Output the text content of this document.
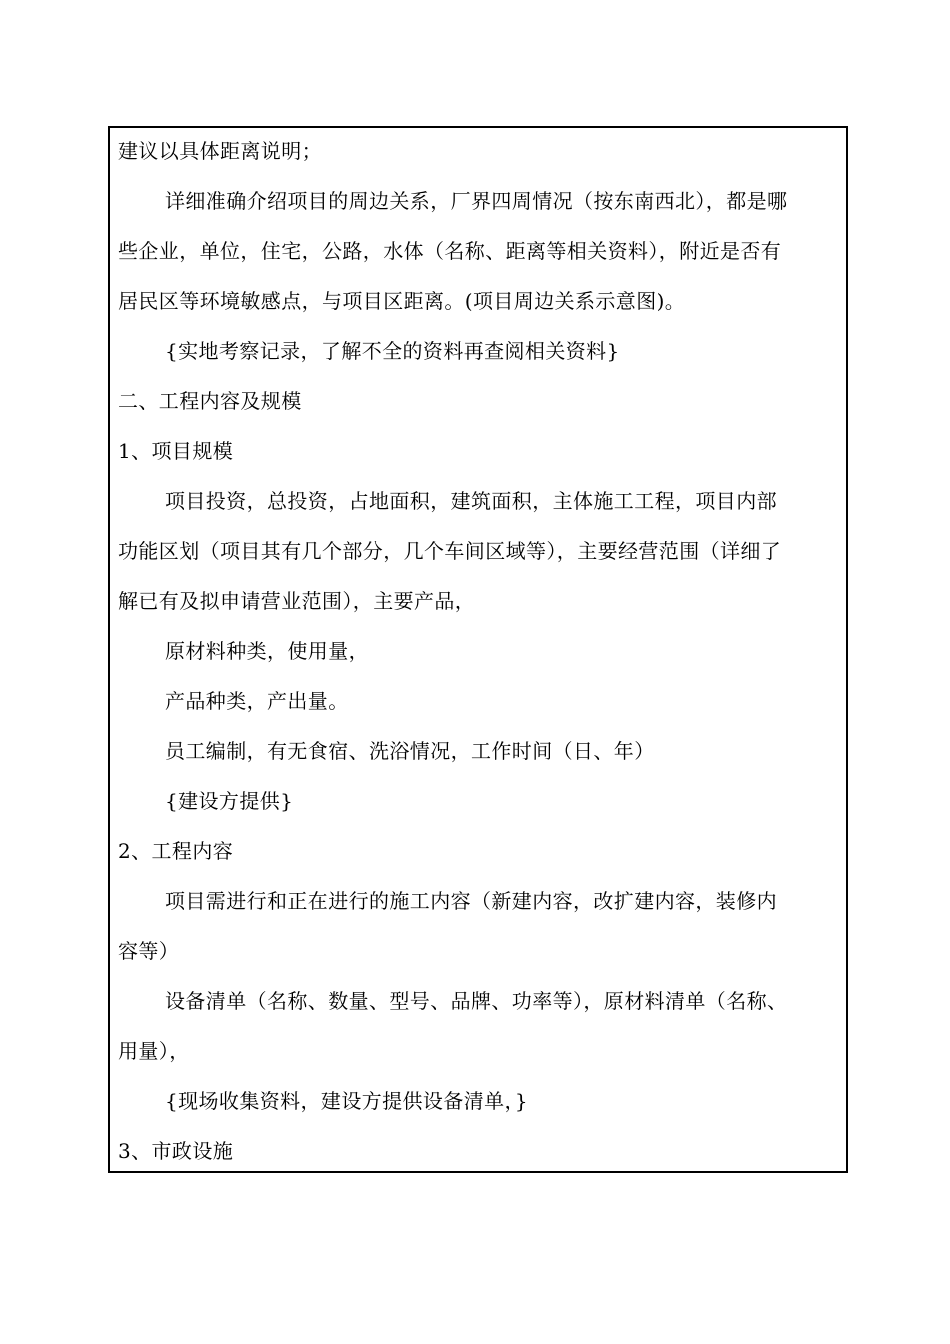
建议以具体距离说明；
详细准确介绍项目的周边关系，厂界四周情况（按东南西北），都是哪
些企业，单位，住宅，公路，水体（名称、距离等相关资料），附近是否有
居民区等环境敏感点，与项目区距离。(项目周边关系示意图)。
{实地考察记录，了解不全的资料再查阅相关资料}
二、工程内容及规模
1、项目规模
项目投资，总投资，占地面积，建筑面积，主体施工工程，项目内部
功能区划（项目其有几个部分，几个车间区域等），主要经营范围（详细了
解已有及拟申请营业范围），主要产品，
原材料种类，使用量，
产品种类，产出量。
员工编制，有无食宿、洗浴情况，工作时间（日、年）
{建设方提供}
2、工程内容
项目需进行和正在进行的施工内容（新建内容，改扩建内容，装修内
容等）
设备清单（名称、数量、型号、品牌、功率等），原材料清单（名称、
用量），
{现场收集资料，建设方提供设备清单，}
3、市政设施
